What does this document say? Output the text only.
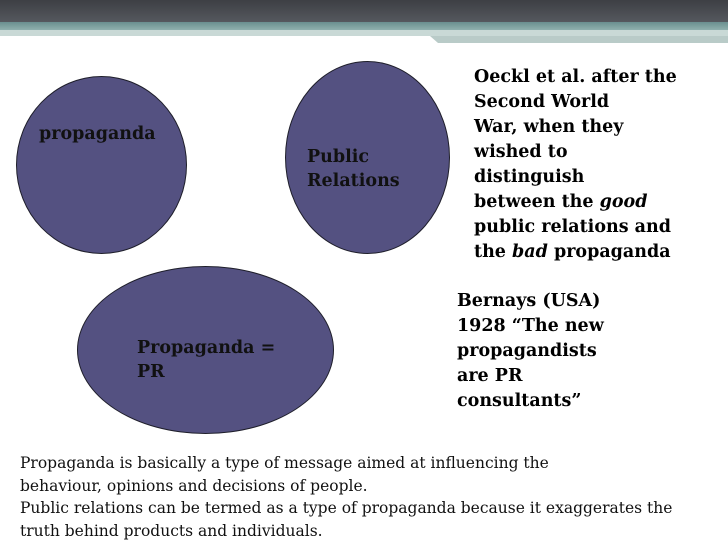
propaganda
Public
Relations
Propaganda =
PR
Oeckl et al. after the
Second World
War, when they
wished to
distinguish
between the good
public relations and
the bad propaganda
Bernays (USA)
1928 “The new
propagandists
are PR
consultants”
Propaganda is basically a type of message aimed at influencing the
behaviour, opinions and decisions of people.
Public relations can be termed as a type of propaganda because it exaggerates the
truth behind products and individuals.
